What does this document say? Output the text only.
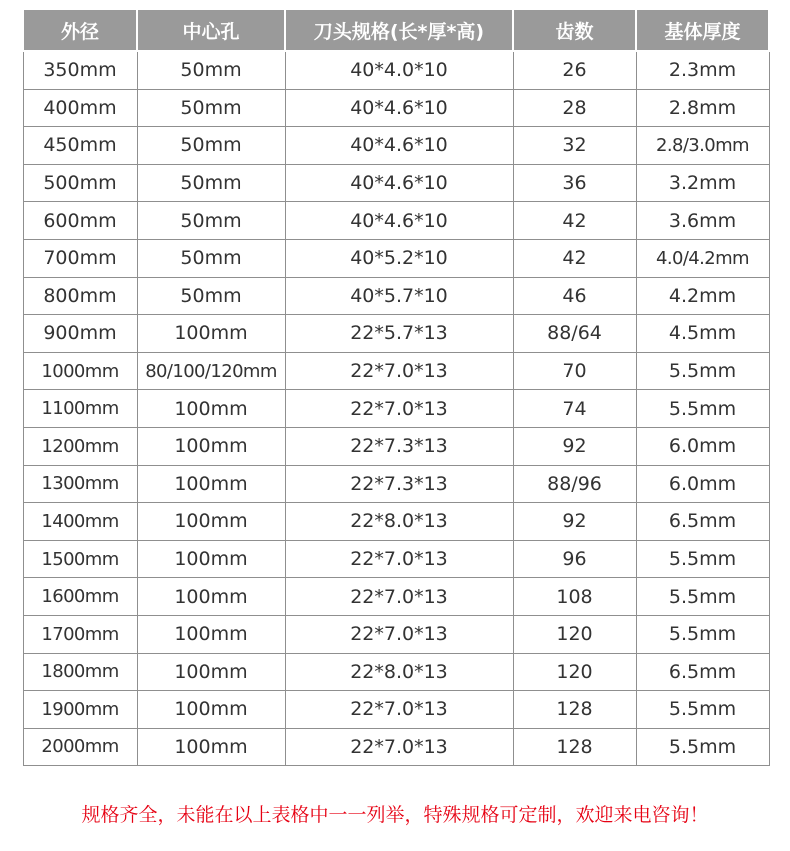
外径	中心孔	刀头规格(长*厚*高)	齿数	基体厚度
350mm	50mm	40*4.0*10	26	2.3mm
400mm	50mm	40*4.6*10	28	2.8mm
450mm	50mm	40*4.6*10	32	2.8/3.0mm
500mm	50mm	40*4.6*10	36	3.2mm
600mm	50mm	40*4.6*10	42	3.6mm
700mm	50mm	40*5.2*10	42	4.0/4.2mm
800mm	50mm	40*5.7*10	46	4.2mm
900mm	100mm	22*5.7*13	88/64	4.5mm
1000mm	80/100/120mm	22*7.0*13	70	5.5mm
1100mm	100mm	22*7.0*13	74	5.5mm
1200mm	100mm	22*7.3*13	92	6.0mm
1300mm	100mm	22*7.3*13	88/96	6.0mm
1400mm	100mm	22*8.0*13	92	6.5mm
1500mm	100mm	22*7.0*13	96	5.5mm
1600mm	100mm	22*7.0*13	108	5.5mm
1700mm	100mm	22*7.0*13	120	5.5mm
1800mm	100mm	22*8.0*13	120	6.5mm
1900mm	100mm	22*7.0*13	128	5.5mm
2000mm	100mm	22*7.0*13	128	5.5mm
规格齐全，未能在以上表格中一一列举，特殊规格可定制，欢迎来电咨询！
